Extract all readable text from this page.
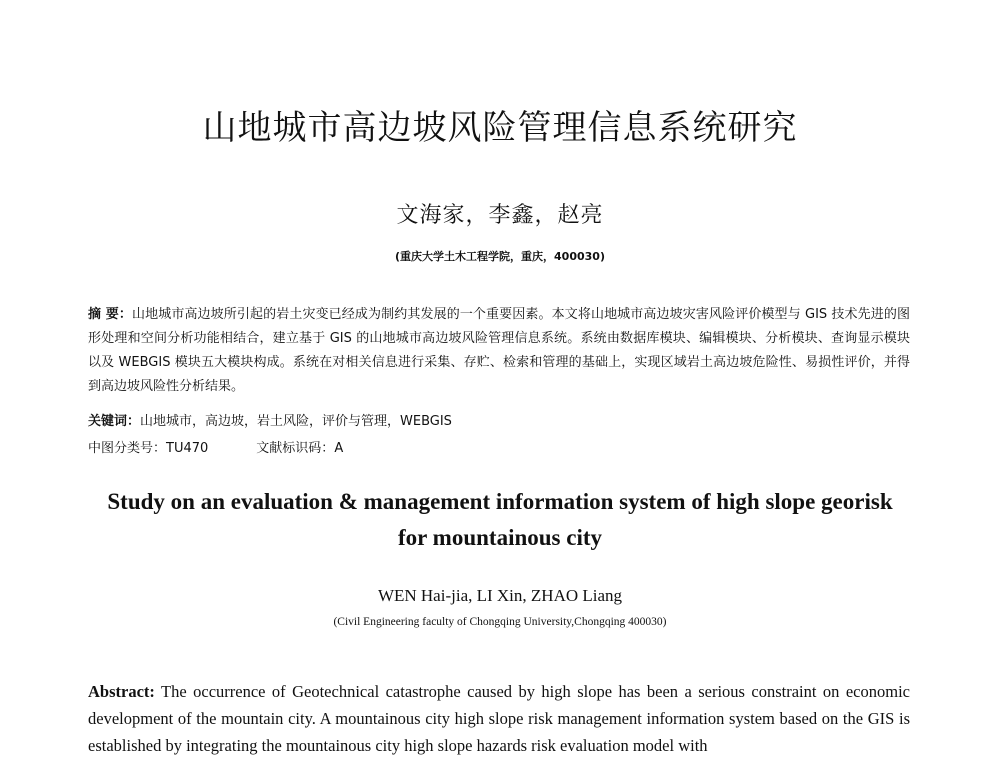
山地城市高边坡风险管理信息系统研究
文海家，李鑫，赵亮
(重庆大学土木工程学院，重庆，400030)
摘 要：山地城市高边坡所引起的岩土灾变已经成为制约其发展的一个重要因素。本文将山地城市高边坡灾害风险评价模型与 GIS 技术先进的图形处理和空间分析功能相结合，建立基于 GIS 的山地城市高边坡风险管理信息系统。系统由数据库模块、编辑模块、分析模块、查询显示模块以及 WEBGIS 模块五大模块构成。系统在对相关信息进行采集、存贮、检索和管理的基础上，实现区域岩土高边坡危险性、易损性评价，并得到高边坡风险性分析结果。
关键词：山地城市，高边坡，岩土风险，评价与管理，WEBGIS
中图分类号：TU470	文献标识码：A
Study on an evaluation & management information system of high slope georisk
for mountainous city
WEN Hai-jia, LI Xin, ZHAO Liang
(Civil Engineering faculty of Chongqing University,Chongqing 400030)
Abstract: The occurrence of Geotechnical catastrophe caused by high slope has been a serious constraint on economic development of the mountain city. A mountainous city high slope risk management information system based on the GIS is established by integrating the mountainous city high slope hazards risk evaluation model with
